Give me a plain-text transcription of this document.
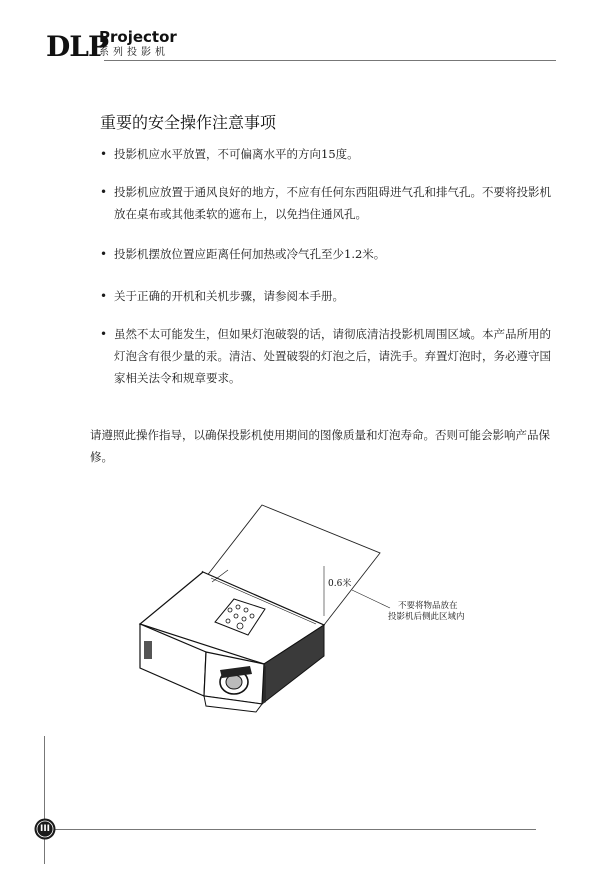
DLP
Projector
系列投影机
重要的安全操作注意事项
• 投影机应水平放置，不可偏离水平的方向15度。
• 投影机应放置于通风良好的地方，不应有任何东西阻碍进气孔和排气孔。不要将投影机放在桌布或其他柔软的遮布上，以免挡住通风孔。
• 投影机摆放位置应距离任何加热或冷气孔至少1.2米。
• 关于正确的开机和关机步骤，请参阅本手册。
• 虽然不太可能发生，但如果灯泡破裂的话，请彻底清洁投影机周围区域。本产品所用的灯泡含有很少量的汞。清洁、处置破裂的灯泡之后，请洗手。弃置灯泡时，务必遵守国家相关法令和规章要求。
请遵照此操作指导，以确保投影机使用期间的图像质量和灯泡寿命。否则可能会影响产品保修。
0.6米
不要将物品放在
投影机后侧此区域内
III
